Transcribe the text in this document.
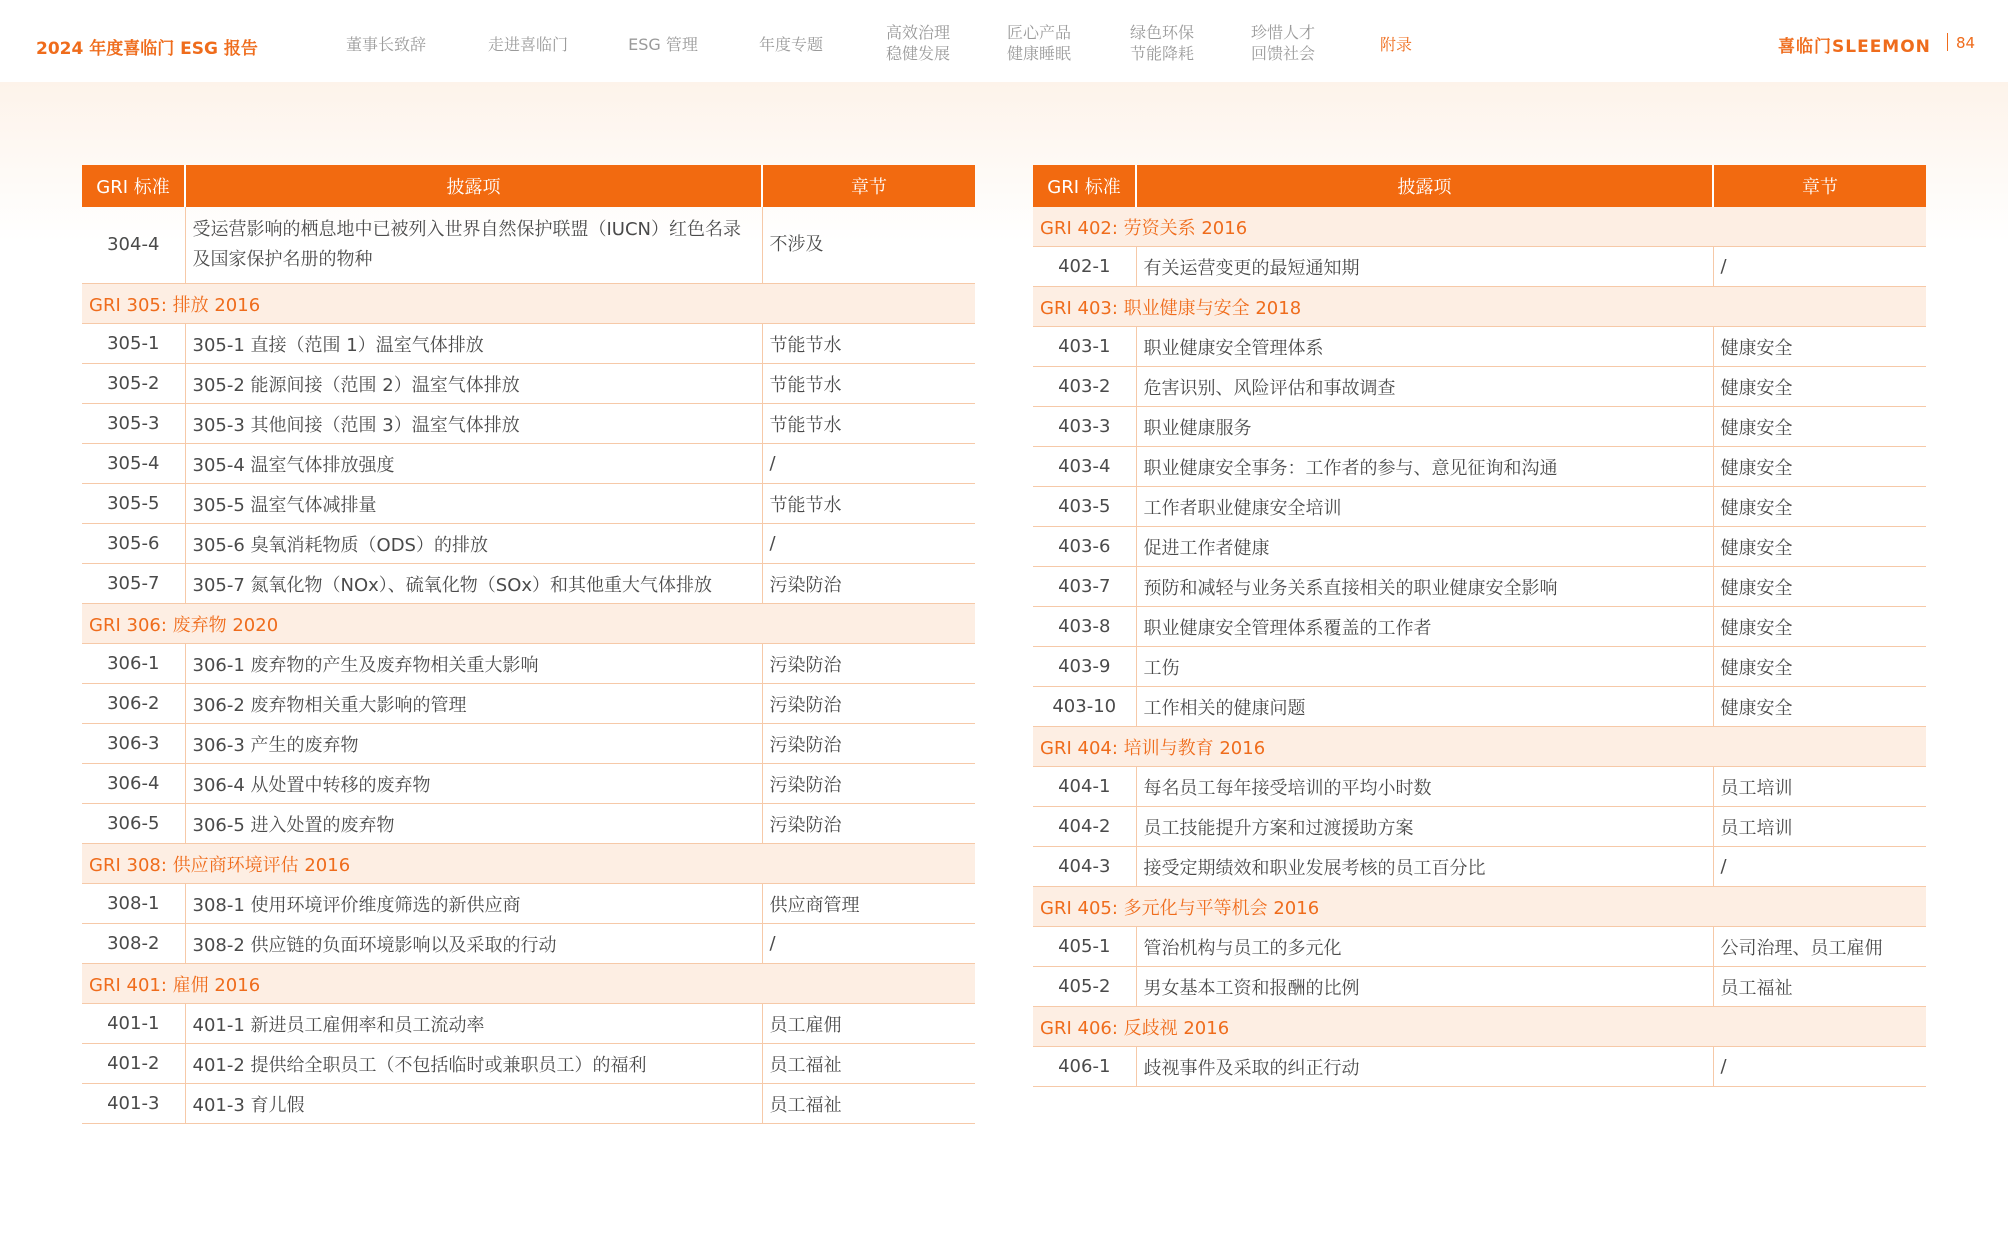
2024 年度喜临门 ESG 报告	董事长致辞	走进喜临门	ESG 管理	年度专题
高效治理
稳健发展
匠心产品
健康睡眠
绿色环保
节能降耗
珍惜人才
回馈社会	附录	喜临门SLEEMON 84
GRI 标准	披露项	章节
304-4	受运营影响的栖息地中已被列入世界自然保护联盟（IUCN）红色名录及国家保护名册的物种	不涉及
GRI 305: 排放 2016		
305-1	305-1 直接（范围 1）温室气体排放	节能节水
305-2	305-2 能源间接（范围 2）温室气体排放	节能节水
305-3	305-3 其他间接（范围 3）温室气体排放	节能节水
305-4	305-4 温室气体排放强度	/
305-5	305-5 温室气体减排量	节能节水
305-6	305-6 臭氧消耗物质（ODS）的排放	/
305-7	305-7 氮氧化物（NOx）、硫氧化物（SOx）和其他重大气体排放	污染防治
GRI 306: 废弃物 2020		
306-1	306-1 废弃物的产生及废弃物相关重大影响	污染防治
306-2	306-2 废弃物相关重大影响的管理	污染防治
306-3	306-3 产生的废弃物	污染防治
306-4	306-4 从处置中转移的废弃物	污染防治
306-5	306-5 进入处置的废弃物	污染防治
GRI 308: 供应商环境评估 2016		
308-1	308-1 使用环境评价维度筛选的新供应商	供应商管理
308-2	308-2 供应链的负面环境影响以及采取的行动	/
GRI 401: 雇佣 2016		
401-1	401-1 新进员工雇佣率和员工流动率	员工雇佣
401-2	401-2 提供给全职员工（不包括临时或兼职员工）的福利	员工福祉
401-3	401-3 育儿假	员工福祉
GRI 标准	披露项	章节
GRI 402: 劳资关系 2016		
402-1	有关运营变更的最短通知期	/
GRI 403: 职业健康与安全 2018		
403-1	职业健康安全管理体系	健康安全
403-2	危害识别、风险评估和事故调查	健康安全
403-3	职业健康服务	健康安全
403-4	职业健康安全事务：工作者的参与、意见征询和沟通	健康安全
403-5	工作者职业健康安全培训	健康安全
403-6	促进工作者健康	健康安全
403-7	预防和减轻与业务关系直接相关的职业健康安全影响	健康安全
403-8	职业健康安全管理体系覆盖的工作者	健康安全
403-9	工伤	健康安全
403-10	工作相关的健康问题	健康安全
GRI 404: 培训与教育 2016		
404-1	每名员工每年接受培训的平均小时数	员工培训
404-2	员工技能提升方案和过渡援助方案	员工培训
404-3	接受定期绩效和职业发展考核的员工百分比	/
GRI 405: 多元化与平等机会 2016		
405-1	管治机构与员工的多元化	公司治理、员工雇佣
405-2	男女基本工资和报酬的比例	员工福祉
GRI 406: 反歧视 2016		
406-1	歧视事件及采取的纠正行动	/
